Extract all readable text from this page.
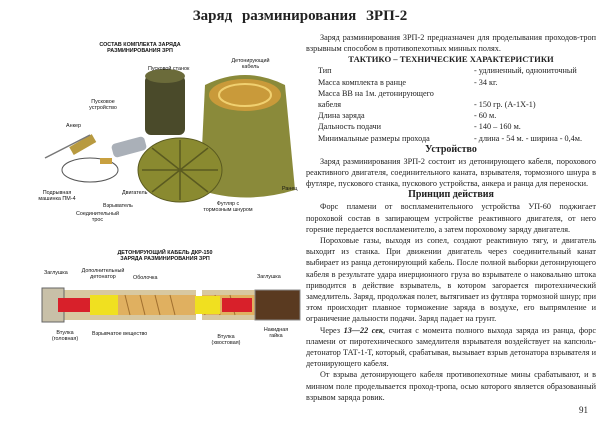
Заряд разминирования ЗРП-2
СОСТАВ КОМПЛЕКТА ЗАРЯДА РАЗМИНИРОВАНИЯ ЗРП
Пусковой станок
Детонирующий кабель
Пусковое устройство
Анкер
Подрывная машинка ПМ-4
Двигатель
Взрыватель
Соединительный трос
Ранец
Футляр с тормозным шнуром
ДЕТОНИРУЮЩИЙ КАБЕЛЬ ДКР-150 ЗАРЯДА РАЗМИНИРОВАНИЯ ЗРП
Заглушка	Дополнительный детонатор	Оболочка	Заглушка
Втулка (головная)
Взрывчатое вещество	Втулка (хвостовая)
Накидная гайка

Заряд разминирования ЗРП-2 предназначен для проделывания проходов-троп взрывным способом в противопехотных минных полях.

ТАКТИКО – ТЕХНИЧЕСКИЕ ХАРАКТЕРИСТИКИ
Тип	- удлиненный, однониточный
Масса комплекта в ранце	- 34 кг.
Масса ВВ на 1м. детонирующего
кабеля	- 150 гр. (А-1Х-1)
Длина заряда	- 60 м.
Дальность подачи	- 140 – 160 м.
Минимальные размеры прохода	- длина - 54 м. - ширина - 0,4м.
Устройство

Заряд разминирования ЗРП-2 состоит из детонирующего кабеля, порохового реактивного двигателя, соединительного каната, взрывателя, тормозного шнура в футляре, пускового станка, пускового устройства, анкера и ранца для переноски.

Принцип действия

Форс пламени от воспламенительного устройства УП-60 поджигает пороховой состав в запирающем устройстве реактивного двигателя, от него горение передается воспламенителю, а затем пороховому заряду двигателя.

Пороховые газы, выходя из сопел, создают реактивную тягу, и двигатель выходит из станка. При движении двигатель через соединительный канат выбирает из ранца детонирующий кабель. После полной выборки детонирующего кабеля в результате удара инерционного груза во взрывателе о наковальню штока приводится в действие взрыватель, в котором загорается пиротехнический замедлитель. Заряд, продолжая полет, вытягивает из футляра тормозной шнур; при этом происходит плавное торможение заряда в воздухе, его выпрямление и ограничение дальности подачи. Заряд падает на грунт.

Через 13—22 сек, считая с момента полного выхода заряда из ранца, форс пламени от пиротехнического замедлителя взрывателя воздействует на капсюль-детонатор ТАТ-1-Т, который, срабатывая, вызывает взрыв детонатора взрывателя и детонирующего кабеля.

От взрыва детонирующего кабеля противопехотные мины срабатывают, и в минном поле проделывается проход-тропа, осью которого является образованный взрывом заряда ровик.

91
